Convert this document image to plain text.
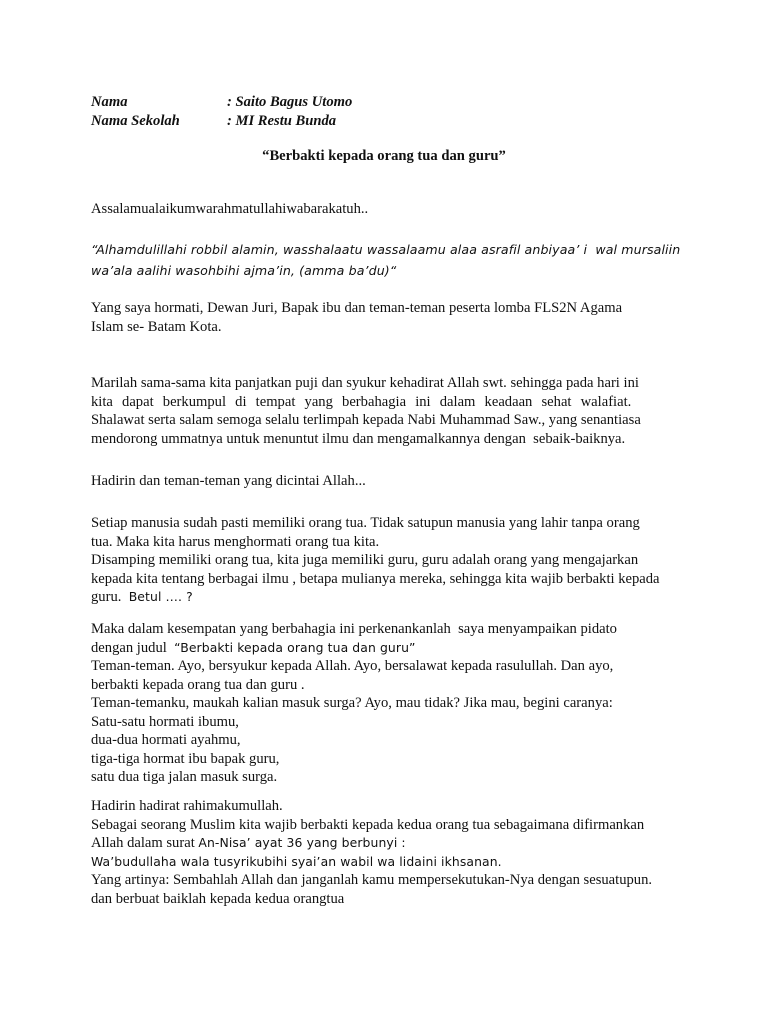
Nama	: Saito Bagus Utomo
Nama Sekolah	: MI Restu Bunda
“Berbakti kepada orang tua dan guru”
Assalamualaikumwarahmatullahiwabarakatuh..
“Alhamdulillahi robbil alamin, wasshalaatu wassalaamu alaa asrafil anbiyaa’ i  wal mursaliin
wa’ala aalihi wasohbihi ajma’in, (amma ba’du)“
Yang saya hormati, Dewan Juri, Bapak ibu dan teman-teman peserta lomba FLS2N Agama
Islam se- Batam Kota.
Marilah sama-sama kita panjatkan puji dan syukur kehadirat Allah swt. sehingga pada hari ini
kita dapat berkumpul di tempat yang berbahagia ini dalam keadaan sehat walafiat.
Shalawat serta salam semoga selalu terlimpah kepada Nabi Muhammad Saw., yang senantiasa
mendorong ummatnya untuk menuntut ilmu dan mengamalkannya dengan  sebaik-baiknya.
Hadirin dan teman-teman yang dicintai Allah...
Setiap manusia sudah pasti memiliki orang tua. Tidak satupun manusia yang lahir tanpa orang
tua. Maka kita harus menghormati orang tua kita.
Disamping memiliki orang tua, kita juga memiliki guru, guru adalah orang yang mengajarkan
kepada kita tentang berbagai ilmu , betapa mulianya mereka, sehingga kita wajib berbakti kepada
guru.  Betul …. ?
Maka dalam kesempatan yang berbahagia ini perkenankanlah  saya menyampaikan pidato
dengan judul  “Berbakti kepada orang tua dan guru”
Teman-teman. Ayo, bersyukur kepada Allah. Ayo, bersalawat kepada rasulullah. Dan ayo,
berbakti kepada orang tua dan guru .
Teman-temanku, maukah kalian masuk surga? Ayo, mau tidak? Jika mau, begini caranya:
Satu-satu hormati ibumu,
dua-dua hormati ayahmu,
tiga-tiga hormat ibu bapak guru,
satu dua tiga jalan masuk surga.
Hadirin hadirat rahimakumullah.
Sebagai seorang Muslim kita wajib berbakti kepada kedua orang tua sebagaimana difirmankan
Allah dalam surat An-Nisa’ ayat 36 yang berbunyi :
Wa’budullaha wala tusyrikubihi syai’an wabil wa lidaini ikhsanan.
Yang artinya: Sembahlah Allah dan janganlah kamu mempersekutukan-Nya dengan sesuatupun.
dan berbuat baiklah kepada kedua orangtua
